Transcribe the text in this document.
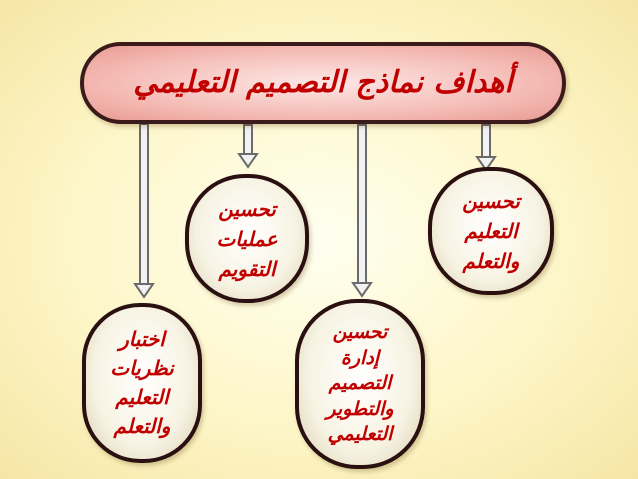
أهداف نماذج التصميم التعليمي
تحسين
التعليم
والتعلم
تحسين
عمليات
التقويم
تحسين
إدارة
التصميم
والتطوير
التعليمي
اختبار
نظريات
التعليم
والتعلم
